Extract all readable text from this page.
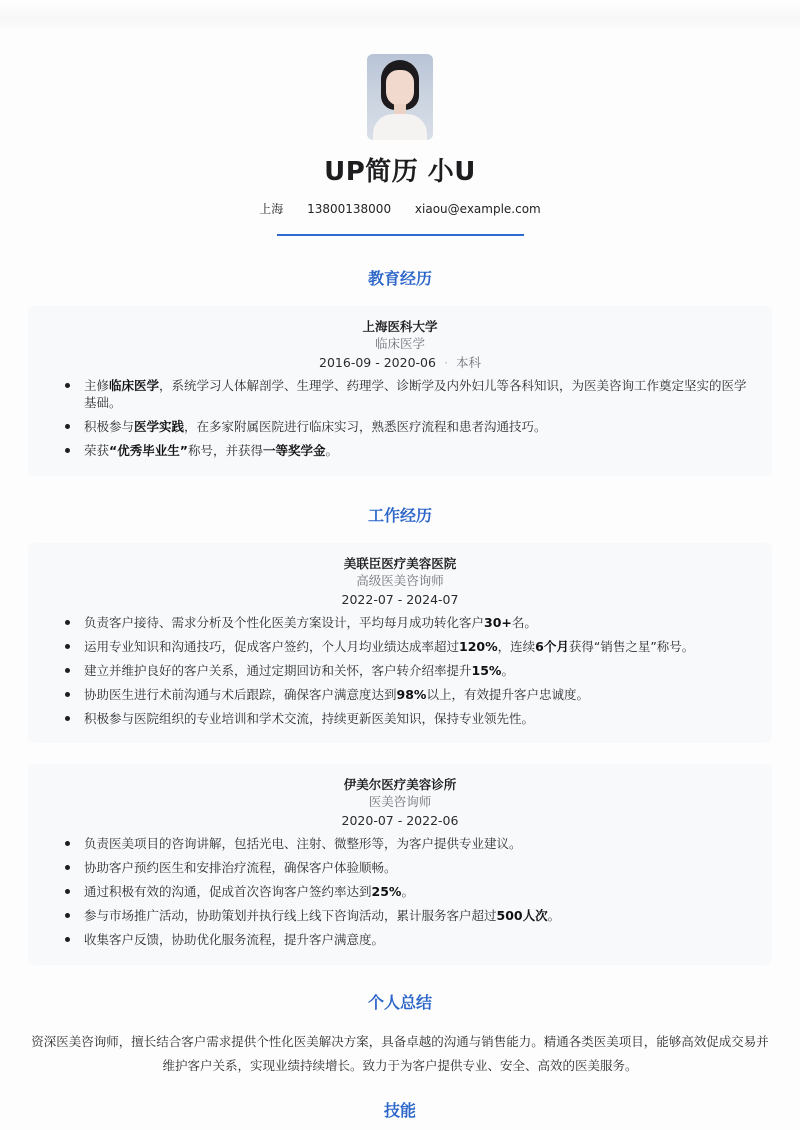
UP简历 小U
上海 13800138000 xiaou@example.com
教育经历
上海医科大学
临床医学
2016-09 - 2020-06 · 本科
主修临床医学，系统学习人体解剖学、生理学、药理学、诊断学及内外妇儿等各科知识，为医美咨询工作奠定坚实的医学基础。
积极参与医学实践，在多家附属医院进行临床实习，熟悉医疗流程和患者沟通技巧。
荣获“优秀毕业生”称号，并获得一等奖学金。
工作经历
美联臣医疗美容医院
高级医美咨询师
2022-07 - 2024-07
负责客户接待、需求分析及个性化医美方案设计，平均每月成功转化客户30+名。
运用专业知识和沟通技巧，促成客户签约，个人月均业绩达成率超过120%，连续6个月获得“销售之星”称号。
建立并维护良好的客户关系，通过定期回访和关怀，客户转介绍率提升15%。
协助医生进行术前沟通与术后跟踪，确保客户满意度达到98%以上，有效提升客户忠诚度。
积极参与医院组织的专业培训和学术交流，持续更新医美知识，保持专业领先性。
伊美尔医疗美容诊所
医美咨询师
2020-07 - 2022-06
负责医美项目的咨询讲解，包括光电、注射、微整形等，为客户提供专业建议。
协助客户预约医生和安排治疗流程，确保客户体验顺畅。
通过积极有效的沟通，促成首次咨询客户签约率达到25%。
参与市场推广活动，协助策划并执行线上线下咨询活动，累计服务客户超过500人次。
收集客户反馈，协助优化服务流程，提升客户满意度。
个人总结
资深医美咨询师，擅长结合客户需求提供个性化医美解决方案，具备卓越的沟通与销售能力。精通各类医美项目，能够高效促成交易并维护客户关系，实现业绩持续增长。致力于为客户提供专业、安全、高效的医美服务。
技能
